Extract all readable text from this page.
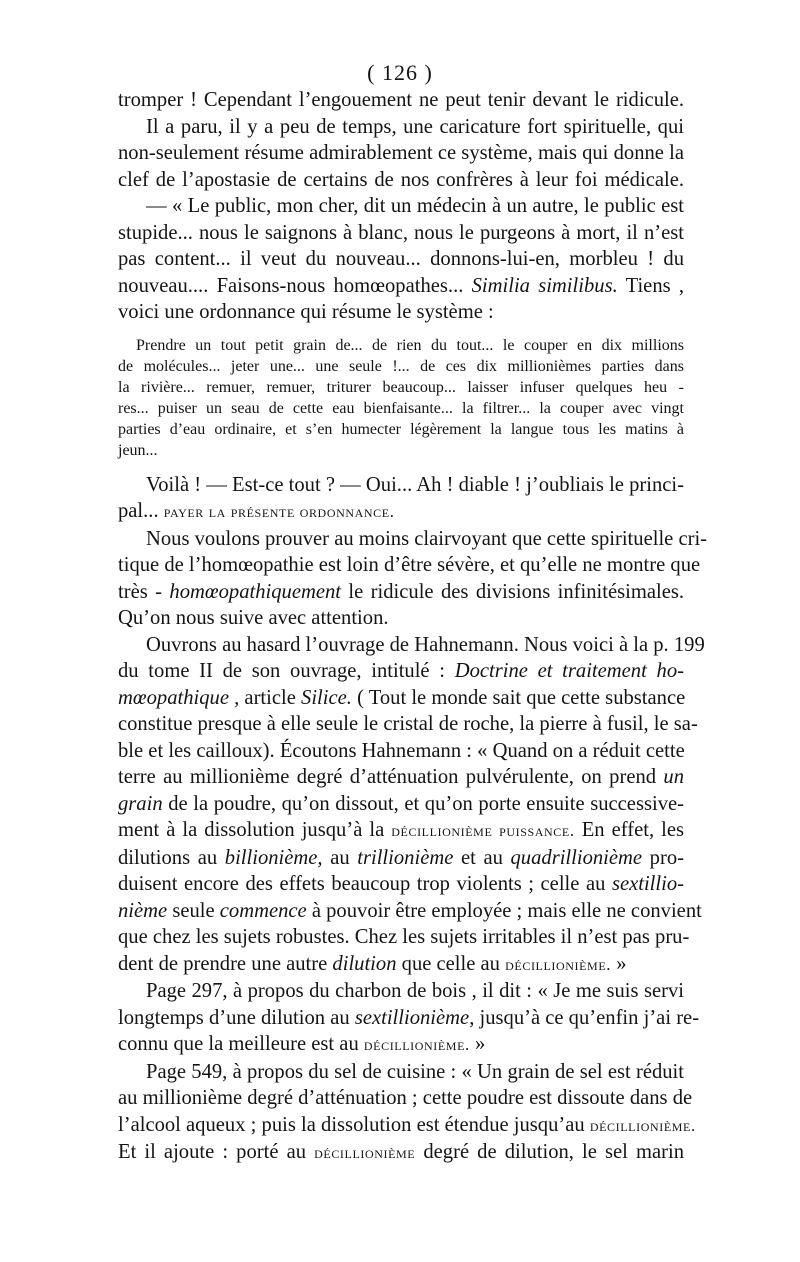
( 126 )

tromper ! Cependant l’engouement ne peut tenir devant le ridicule.

Il a paru, il y a peu de temps, une caricature fort spirituelle, qui
non-seulement résume admirablement ce système, mais qui donne la
clef de l’apostasie de certains de nos confrères à leur foi médicale.

— « Le public, mon cher, dit un médecin à un autre, le public est
stupide... nous le saignons à blanc, nous le purgeons à mort, il n’est
pas content... il veut du nouveau... donnons-lui-en, morbleu ! du
nouveau.... Faisons-nous homœopathes... Similia similibus. Tiens ,
voici une ordonnance qui résume le système :

Prendre un tout petit grain de... de rien du tout... le couper en dix millions
de molécules... jeter une... une seule !... de ces dix millionièmes parties dans
la rivière... remuer, remuer, triturer beaucoup... laisser infuser quelques heu -
res... puiser un seau de cette eau bienfaisante... la filtrer... la couper avec vingt
parties d’eau ordinaire, et s’en humecter légèrement la langue tous les matins à
jeun...

Voilà ! — Est-ce tout ? — Oui... Ah ! diable ! j’oubliais le princi-
pal... payer la présente ordonnance.

Nous voulons prouver au moins clairvoyant que cette spirituelle cri-
tique de l’homœopathie est loin d’être sévère, et qu’elle ne montre que
très - homœopathiquement le ridicule des divisions infinitésimales.
Qu’on nous suive avec attention.

Ouvrons au hasard l’ouvrage de Hahnemann. Nous voici à la p. 199
du tome II de son ouvrage, intitulé : Doctrine et traitement ho-
mœopathique , article Silice. ( Tout le monde sait que cette substance
constitue presque à elle seule le cristal de roche, la pierre à fusil, le sa-
ble et les cailloux). Écoutons Hahnemann : « Quand on a réduit cette
terre au millionième degré d’atténuation pulvérulente, on prend un
grain de la poudre, qu’on dissout, et qu’on porte ensuite successive-
ment à la dissolution jusqu’à la décillionième puissance. En effet, les
dilutions au billionième, au trillionième et au quadrillionième pro-
duisent encore des effets beaucoup trop violents ; celle au sextillio-
nième seule commence à pouvoir être employée ; mais elle ne convient
que chez les sujets robustes. Chez les sujets irritables il n’est pas pru-
dent de prendre une autre dilution que celle au décillionième. »

Page 297, à propos du charbon de bois , il dit : « Je me suis servi
longtemps d’une dilution au sextillionième, jusqu’à ce qu’enfin j’ai re-
connu que la meilleure est au décillionième. »

Page 549, à propos du sel de cuisine : « Un grain de sel est réduit
au millionième degré d’atténuation ; cette poudre est dissoute dans de
l’alcool aqueux ; puis la dissolution est étendue jusqu’au décillionième.
Et il ajoute : porté au décillionième degré de dilution, le sel marin
